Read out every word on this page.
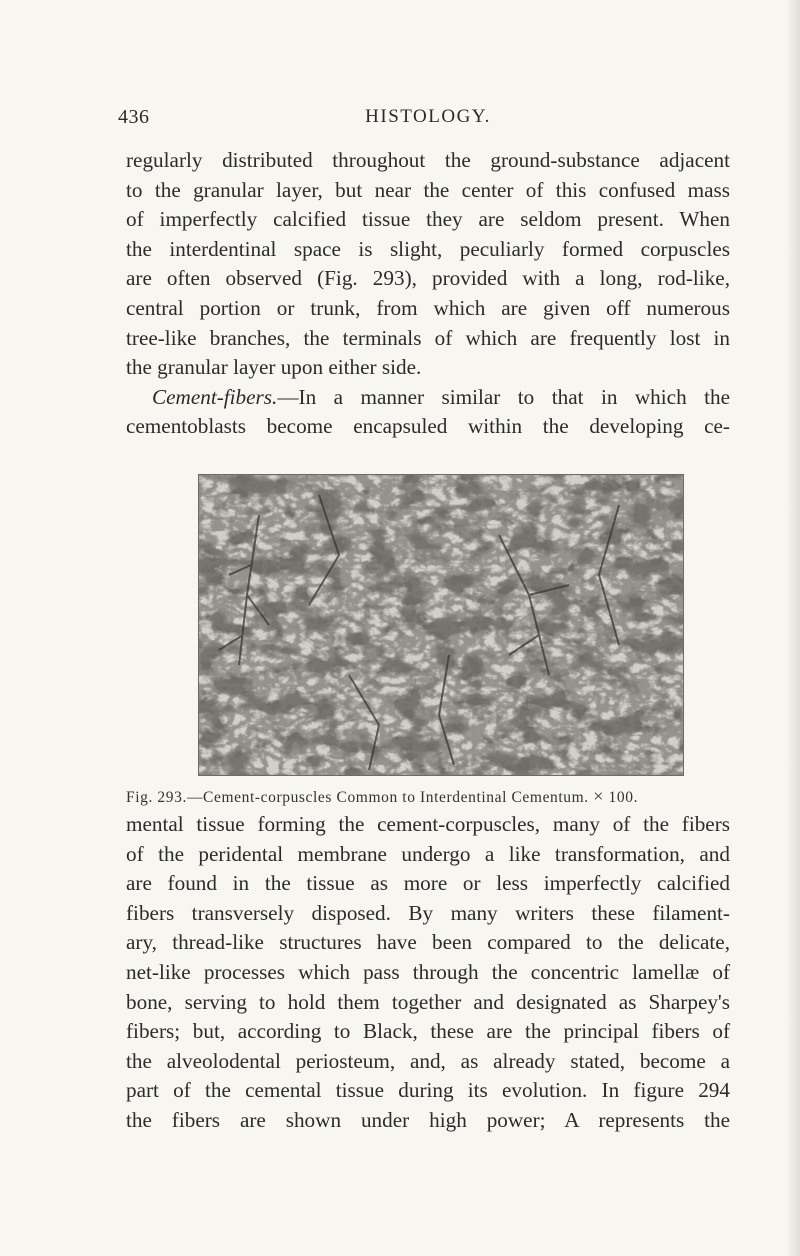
436	HISTOLOGY.
regularly distributed throughout the ground-substance adjacent
to the granular layer, but near the center of this confused mass
of imperfectly calcified tissue they are seldom present. When
the interdentinal space is slight, peculiarly formed corpuscles
are often observed (Fig. 293), provided with a long, rod-like,
central portion or trunk, from which are given off numerous
tree-like branches, the terminals of which are frequently lost in
the granular layer upon either side.
Cement-fibers.—In a manner similar to that in which the
cementoblasts become encapsuled within the developing ce-
Fig. 293.—Cement-corpuscles Common to Interdentinal Cementum. × 100.
mental tissue forming the cement-corpuscles, many of the fibers
of the peridental membrane undergo a like transformation, and
are found in the tissue as more or less imperfectly calcified
fibers transversely disposed. By many writers these filament-
ary, thread-like structures have been compared to the delicate,
net-like processes which pass through the concentric lamellæ of
bone, serving to hold them together and designated as Sharpey's
fibers; but, according to Black, these are the principal fibers of
the alveolodental periosteum, and, as already stated, become a
part of the cemental tissue during its evolution. In figure 294
the fibers are shown under high power; A represents the
